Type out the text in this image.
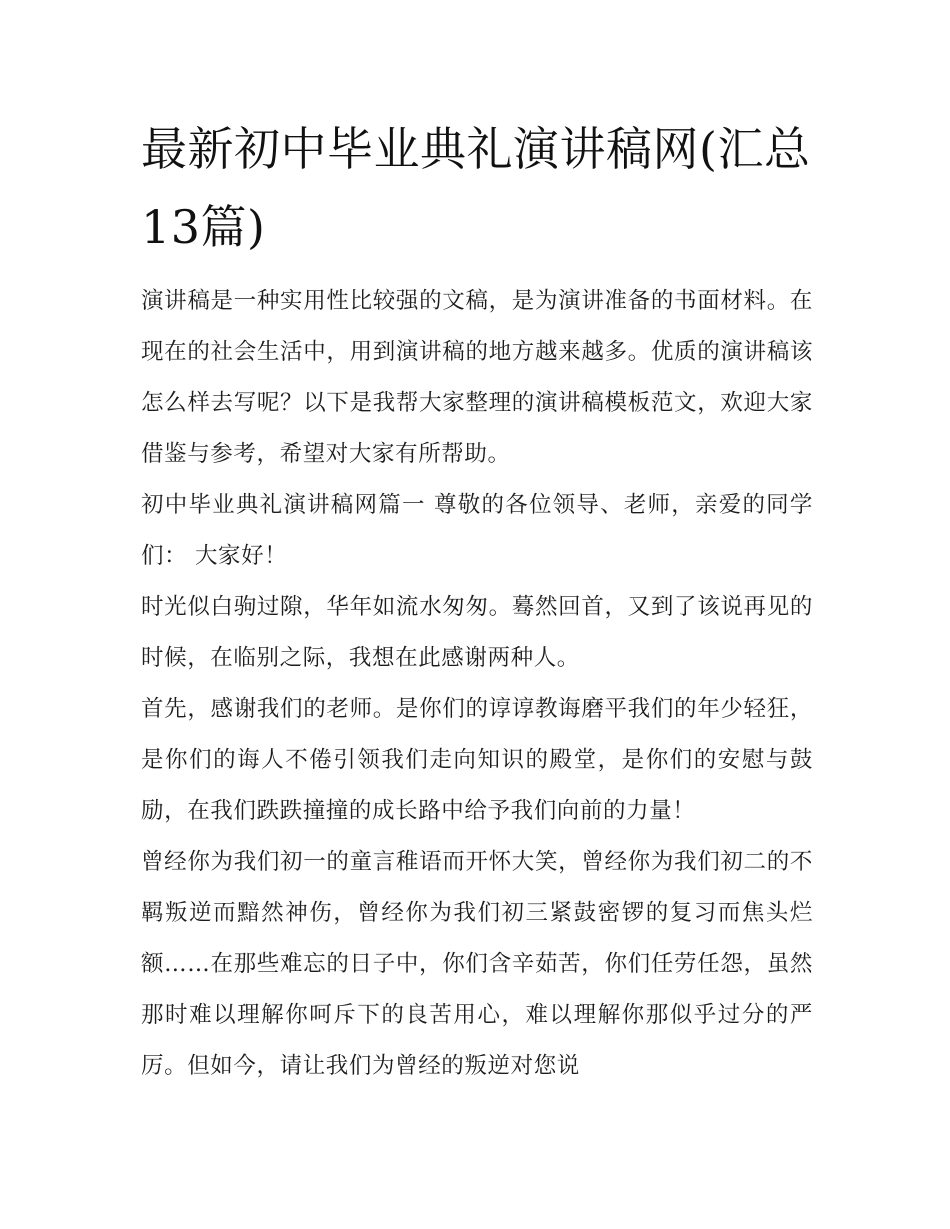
最新初中毕业典礼演讲稿网(汇总13篇)

演讲稿是一种实用性比较强的文稿，是为演讲准备的书面材料。在现在的社会生活中，用到演讲稿的地方越来越多。优质的演讲稿该怎么样去写呢？以下是我帮大家整理的演讲稿模板范文，欢迎大家借鉴与参考，希望对大家有所帮助。

初中毕业典礼演讲稿网篇一 尊敬的各位领导、老师，亲爱的同学们： 大家好！

时光似白驹过隙，华年如流水匆匆。蓦然回首，又到了该说再见的时候，在临别之际，我想在此感谢两种人。

首先，感谢我们的老师。是你们的谆谆教诲磨平我们的年少轻狂，是你们的诲人不倦引领我们走向知识的殿堂，是你们的安慰与鼓励，在我们跌跌撞撞的成长路中给予我们向前的力量！

曾经你为我们初一的童言稚语而开怀大笑，曾经你为我们初二的不羁叛逆而黯然神伤，曾经你为我们初三紧鼓密锣的复习而焦头烂额……在那些难忘的日子中，你们含辛茹苦，你们任劳任怨，虽然那时难以理解你呵斥下的良苦用心，难以理解你那似乎过分的严厉。但如今，请让我们为曾经的叛逆对您说
